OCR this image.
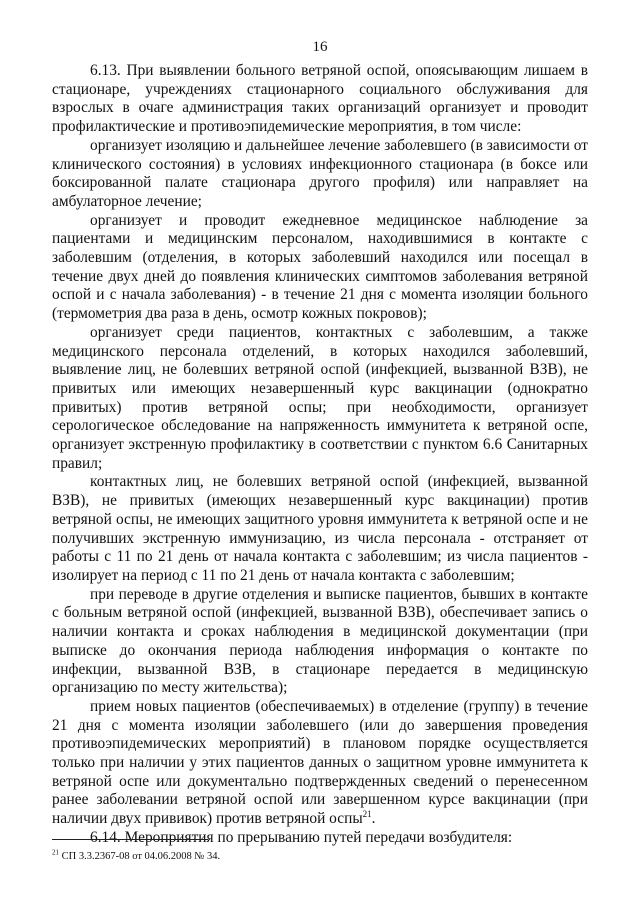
16

6.13. При выявлении больного ветряной оспой, опоясывающим лишаем в стационаре, учреждениях стационарного социального обслуживания для взрослых в очаге администрация таких организаций организует и проводит профилактические и противоэпидемические мероприятия, в том числе:

организует изоляцию и дальнейшее лечение заболевшего (в зависимости от клинического состояния) в условиях инфекционного стационара (в боксе или боксированной палате стационара другого профиля) или направляет на амбулаторное лечение;

организует и проводит ежедневное медицинское наблюдение за пациентами и медицинским персоналом, находившимися в контакте с заболевшим (отделения, в которых заболевший находился или посещал в течение двух дней до появления клинических симптомов заболевания ветряной оспой и с начала заболевания) - в течение 21 дня с момента изоляции больного (термометрия два раза в день, осмотр кожных покровов);

организует среди пациентов, контактных с заболевшим, а также медицинского персонала отделений, в которых находился заболевший, выявление лиц, не болевших ветряной оспой (инфекцией, вызванной ВЗВ), не привитых или имеющих незавершенный курс вакцинации (однократно привитых) против ветряной оспы; при необходимости, организует серологическое обследование на напряженность иммунитета к ветряной оспе, организует экстренную профилактику в соответствии с пунктом 6.6 Санитарных правил;

контактных лиц, не болевших ветряной оспой (инфекцией, вызванной ВЗВ), не привитых (имеющих незавершенный курс вакцинации) против ветряной оспы, не имеющих защитного уровня иммунитета к ветряной оспе и не получивших экстренную иммунизацию, из числа персонала - отстраняет от работы с 11 по 21 день от начала контакта с заболевшим; из числа пациентов - изолирует на период с 11 по 21 день от начала контакта с заболевшим;

при переводе в другие отделения и выписке пациентов, бывших в контакте с больным ветряной оспой (инфекцией, вызванной ВЗВ), обеспечивает запись о наличии контакта и сроках наблюдения в медицинской документации (при выписке до окончания периода наблюдения информация о контакте по инфекции, вызванной ВЗВ, в стационаре передается в медицинскую организацию по месту жительства);

прием новых пациентов (обеспечиваемых) в отделение (группу) в течение 21 дня с момента изоляции заболевшего (или до завершения проведения противоэпидемических мероприятий) в плановом порядке осуществляется только при наличии у этих пациентов данных о защитном уровне иммунитета к ветряной оспе или документально подтвержденных сведений о перенесенном ранее заболевании ветряной оспой или завершенном курсе вакцинации (при наличии двух прививок) против ветряной оспы$^{21}$.

6.14. Мероприятия по прерыванию путей передачи возбудителя:

$^{21}$ СП 3.3.2367-08 от 04.06.2008 № 34.
